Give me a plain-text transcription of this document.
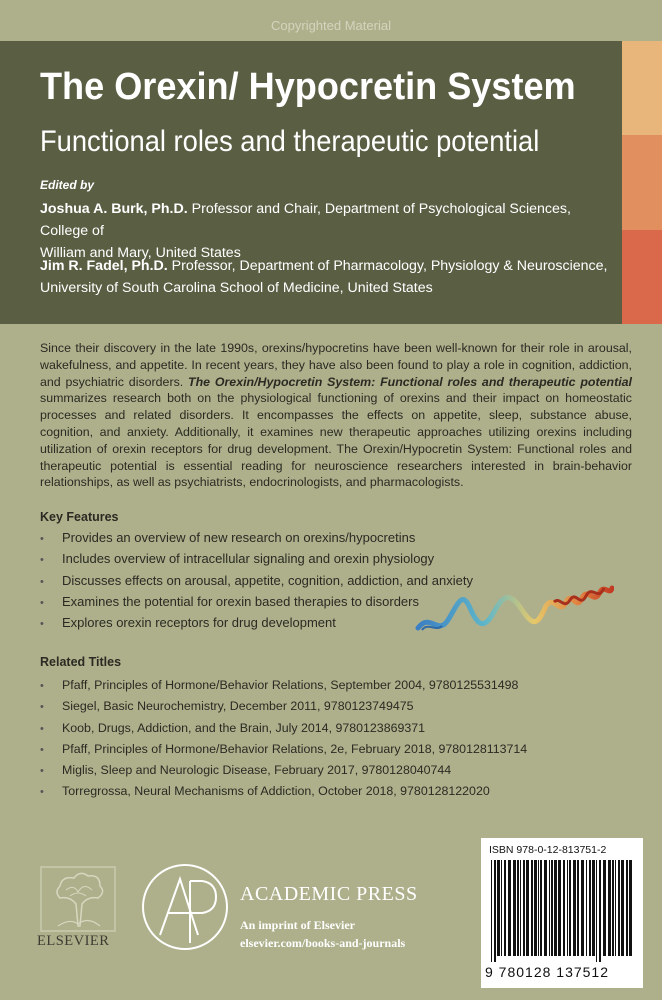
Copyrighted Material
The Orexin/ Hypocretin System
Functional roles and therapeutic potential
Edited by
Joshua A. Burk, Ph.D. Professor and Chair, Department of Psychological Sciences, College of
William and Mary, United States
Jim R. Fadel, Ph.D. Professor, Department of Pharmacology, Physiology & Neuroscience,
University of South Carolina School of Medicine, United States
Since their discovery in the late 1990s, orexins/hypocretins have been well-known for their role in arousal, wakefulness, and appetite. In recent years, they have also been found to play a role in cognition, addiction, and psychiatric disorders. The Orexin/Hypocretin System: Functional roles and therapeutic potential summarizes research both on the physiological functioning of orexins and their impact on homeostatic processes and related disorders. It encompasses the effects on appetite, sleep, substance abuse, cognition, and anxiety. Additionally, it examines new therapeutic approaches utilizing orexins including utilization of orexin receptors for drug development. The Orexin/Hypocretin System: Functional roles and therapeutic potential is essential reading for neuroscience researchers interested in brain-behavior relationships, as well as psychiatrists, endocrinologists, and pharmacologists.
Key Features
• Provides an overview of new research on orexins/hypocretins
• Includes overview of intracellular signaling and orexin physiology
• Discusses effects on arousal, appetite, cognition, addiction, and anxiety
• Examines the potential for orexin based therapies to disorders
• Explores orexin receptors for drug development
Related Titles
• Pfaff, Principles of Hormone/Behavior Relations, September 2004, 9780125531498
• Siegel, Basic Neurochemistry, December 2011, 9780123749475
• Koob, Drugs, Addiction, and the Brain, July 2014, 9780123869371
• Pfaff, Principles of Hormone/Behavior Relations, 2e, February 2018, 9780128113714
• Miglis, Sleep and Neurologic Disease, February 2017, 9780128040744
• Torregrossa, Neural Mechanisms of Addiction, October 2018, 9780128122020
ELSEVIER
ACADEMIC PRESS
An imprint of Elsevier
elsevier.com/books-and-journals
ISBN 978-0-12-813751-2
9 780128 137512
